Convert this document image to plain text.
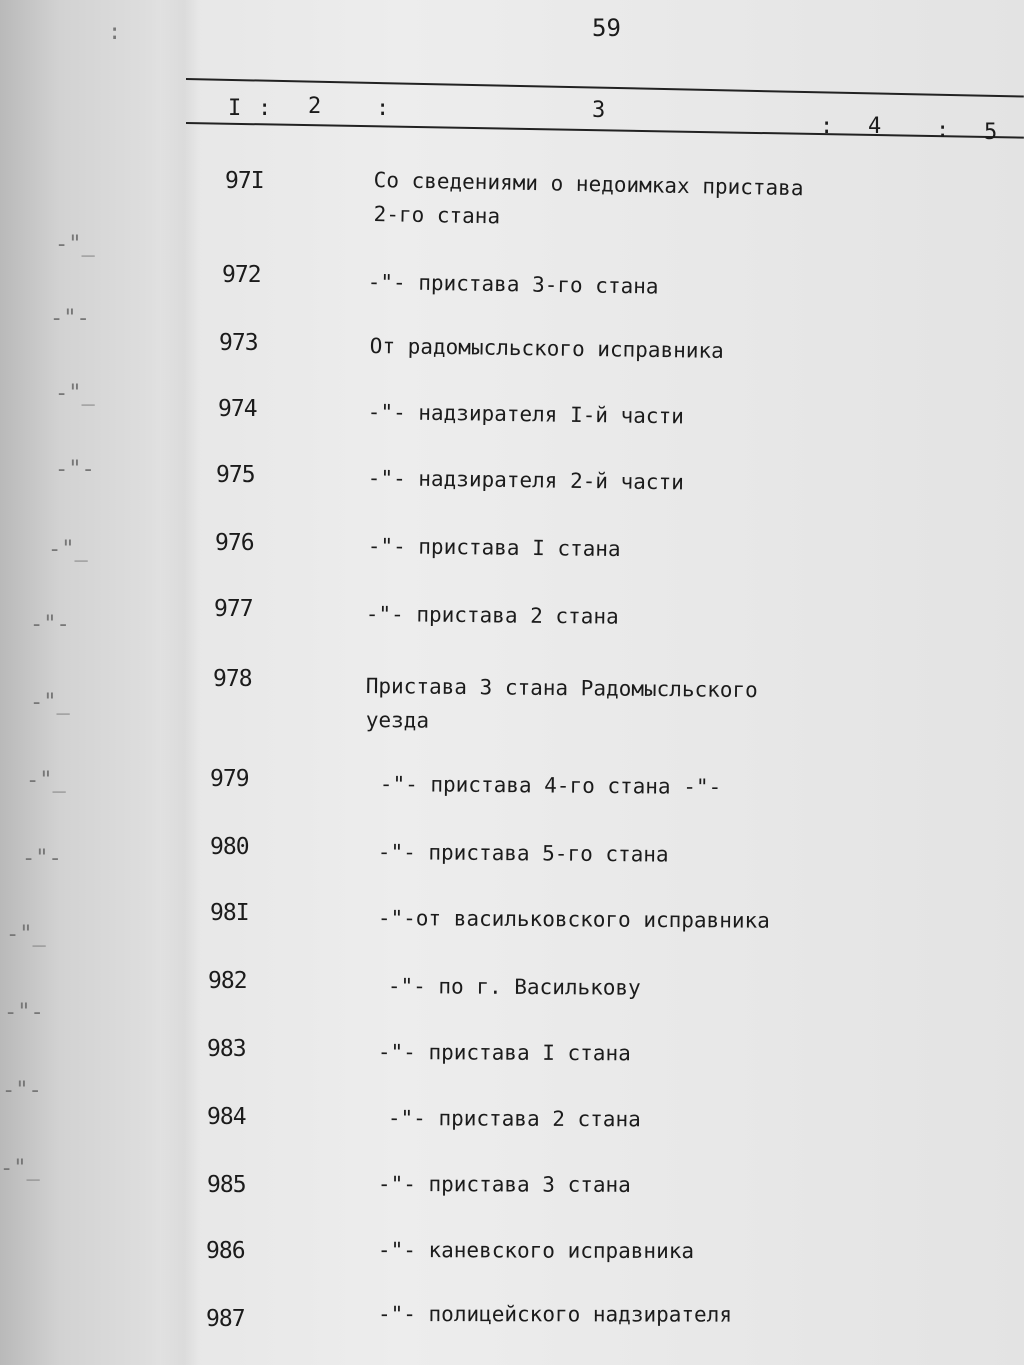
:
-"_
-"-
-"_
-"-
-"_
-"-
-"_
-"_
-"-
-"_
-"-
-"-
-"_
59
I : 2 :	3
: 4 : 5
97I	Со сведениями о недоимках пристава
2-го стана
972	-"- пристава 3-го стана
973	От радомысльского исправника
974	-"- надзирателя I-й части
975	-"- надзирателя 2-й части
976	-"- пристава I стана
977	-"- пристава 2 стана
978	Пристава 3 стана Радомысльского
уезда
979	-"- пристава 4-го стана -"-
980	-"- пристава 5-го стана
98I	-"-от васильковского исправника
982	-"- по г. Василькову
983	-"- пристава I стана
984	-"- пристава 2 стана
985	-"- пристава 3 стана
986	-"- каневского исправника
987	-"- полицейского надзирателя
